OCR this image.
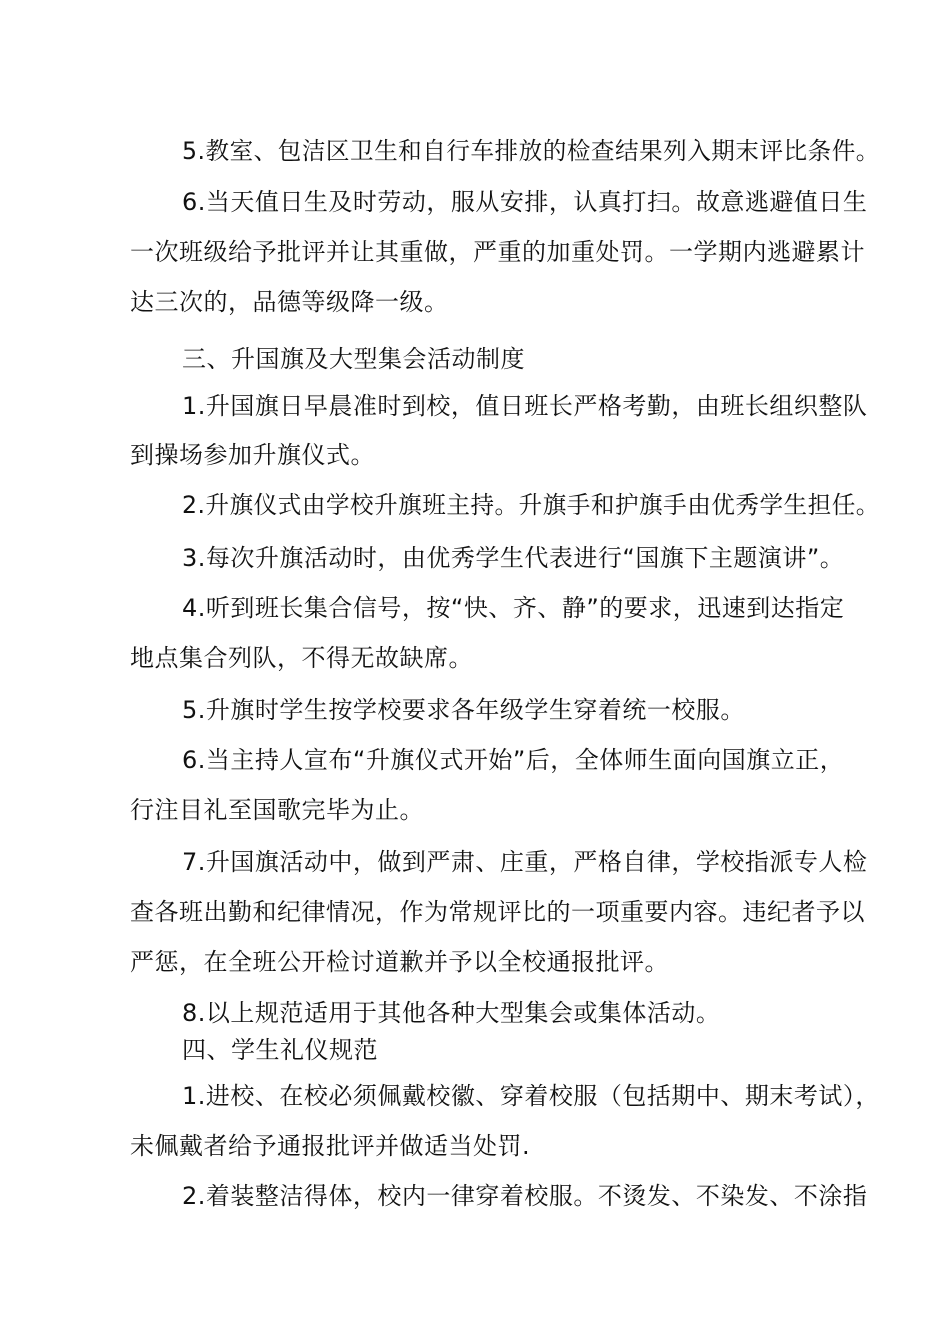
5.教室、包洁区卫生和自行车排放的检查结果列入期末评比条件。
6.当天值日生及时劳动，服从安排，认真打扫。故意逃避值日生
一次班级给予批评并让其重做，严重的加重处罚。一学期内逃避累计
达三次的，品德等级降一级。
三、升国旗及大型集会活动制度
1.升国旗日早晨准时到校，值日班长严格考勤，由班长组织整队
到操场参加升旗仪式。
2.升旗仪式由学校升旗班主持。升旗手和护旗手由优秀学生担任。
3.每次升旗活动时，由优秀学生代表进行“国旗下主题演讲”。
4.听到班长集合信号，按“快、齐、静”的要求，迅速到达指定
地点集合列队，不得无故缺席。
5.升旗时学生按学校要求各年级学生穿着统一校服。
6.当主持人宣布“升旗仪式开始”后，全体师生面向国旗立正，
行注目礼至国歌完毕为止。
7.升国旗活动中，做到严肃、庄重，严格自律，学校指派专人检
查各班出勤和纪律情况，作为常规评比的一项重要内容。违纪者予以
严惩，在全班公开检讨道歉并予以全校通报批评。
8.以上规范适用于其他各种大型集会或集体活动。
四、学生礼仪规范
1.进校、在校必须佩戴校徽、穿着校服（包括期中、期末考试），
未佩戴者给予通报批评并做适当处罚.
2.着装整洁得体，校内一律穿着校服。不烫发、不染发、不涂指
